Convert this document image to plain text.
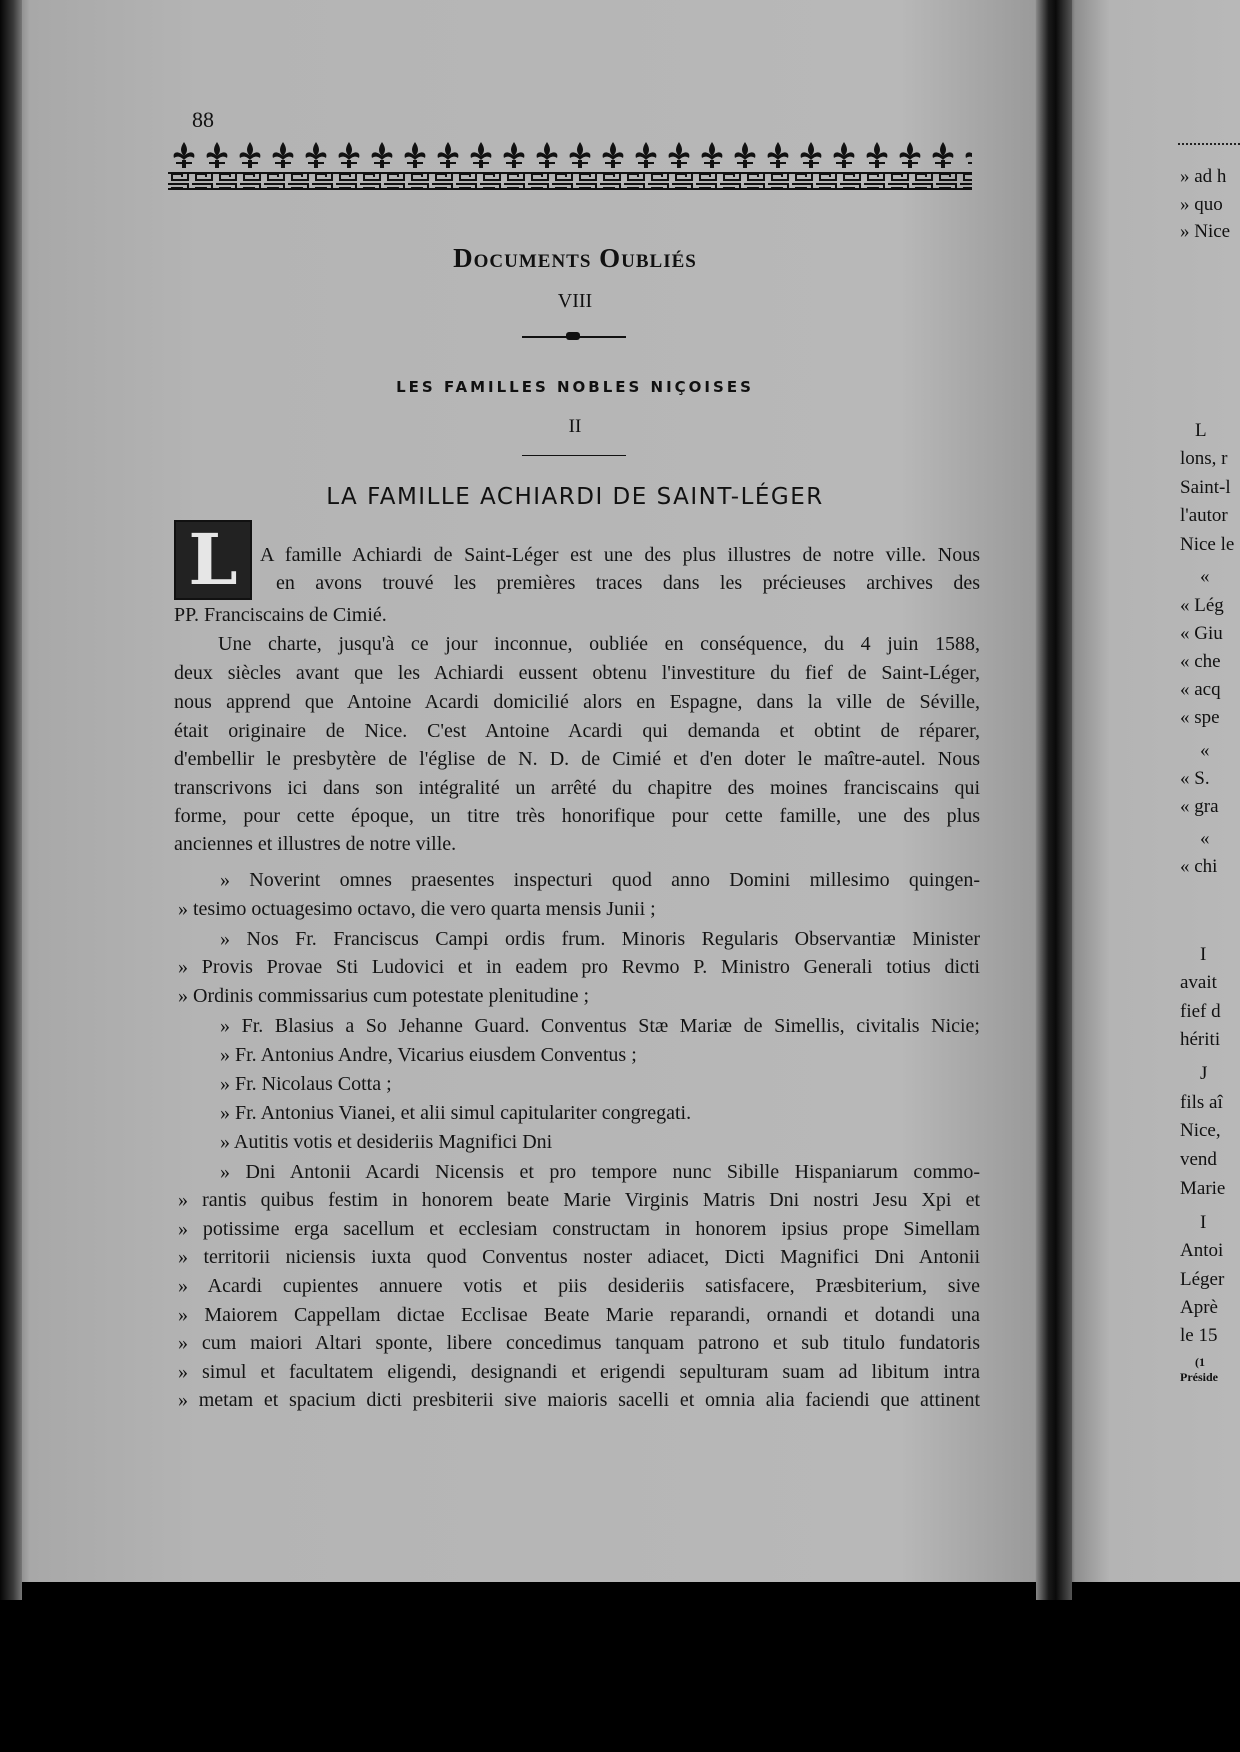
88
Documents Oubliés
VIII
LES FAMILLES NOBLES NIÇOISES
II
LA FAMILLE ACHIARDI DE SAINT-LÉGER
L	A famille Achiardi de Saint-Léger est une des plus illustres de notre ville. Nous
en avons trouvé les premières traces dans les précieuses archives des
PP. Franciscains de Cimié.
Une charte, jusqu'à ce jour inconnue, oubliée en conséquence, du 4 juin 1588,
deux siècles avant que les Achiardi eussent obtenu l'investiture du fief de Saint-Léger,
nous apprend que Antoine Acardi domicilié alors en Espagne, dans la ville de Séville,
était originaire de Nice. C'est Antoine Acardi qui demanda et obtint de réparer,
d'embellir le presbytère de l'église de N. D. de Cimié et d'en doter le maître-autel. Nous
transcrivons ici dans son intégralité un arrêté du chapitre des moines franciscains qui
forme, pour cette époque, un titre très honorifique pour cette famille, une des plus
anciennes et illustres de notre ville.
» Noverint omnes praesentes inspecturi quod anno Domini millesimo quingen-
» tesimo octuagesimo octavo, die vero quarta mensis Junii ;
» Nos Fr. Franciscus Campi ordis frum. Minoris Regularis Observantiæ Minister
» Provis Provae Sti Ludovici et in eadem pro Revmo P. Ministro Generali totius dicti
» Ordinis commissarius cum potestate plenitudine ;
» Fr. Blasius a So Jehanne Guard. Conventus Stæ Mariæ de Simellis, civitalis Nicie;
» Fr. Antonius Andre, Vicarius eiusdem Conventus ;
» Fr. Nicolaus Cotta ;
» Fr. Antonius Vianei, et alii simul capitulariter congregati.
» Autitis votis et desideriis Magnifici Dni
» Dni Antonii Acardi Nicensis et pro tempore nunc Sibille Hispaniarum commo-
» rantis quibus festim in honorem beate Marie Virginis Matris Dni nostri Jesu Xpi et
» potissime erga sacellum et ecclesiam constructam in honorem ipsius prope Simellam
» territorii niciensis iuxta quod Conventus noster adiacet, Dicti Magnifici Dni Antonii
» Acardi cupientes annuere votis et piis desideriis satisfacere, Præsbiterium, sive
» Maiorem Cappellam dictae Ecclisae Beate Marie reparandi, ornandi et dotandi una
» cum maiori Altari sponte, libere concedimus tanquam patrono et sub titulo fundatoris
» simul et facultatem eligendi, designandi et erigendi sepulturam suam ad libitum intra
» metam et spacium dicti presbiterii sive maioris sacelli et omnia alia faciendi que attinent
» ad h
» quo
» Nice
L
lons, r
Saint-l
l'autor
Nice le
«
« Lég
« Giu
« che
« acq
« spe
«
« S.
« gra
«
« chi
I
avait
fief d
hériti
J
fils aî
Nice,
vend
Marie
I
Antoi
Léger
Aprè
le 15
(1
Préside
